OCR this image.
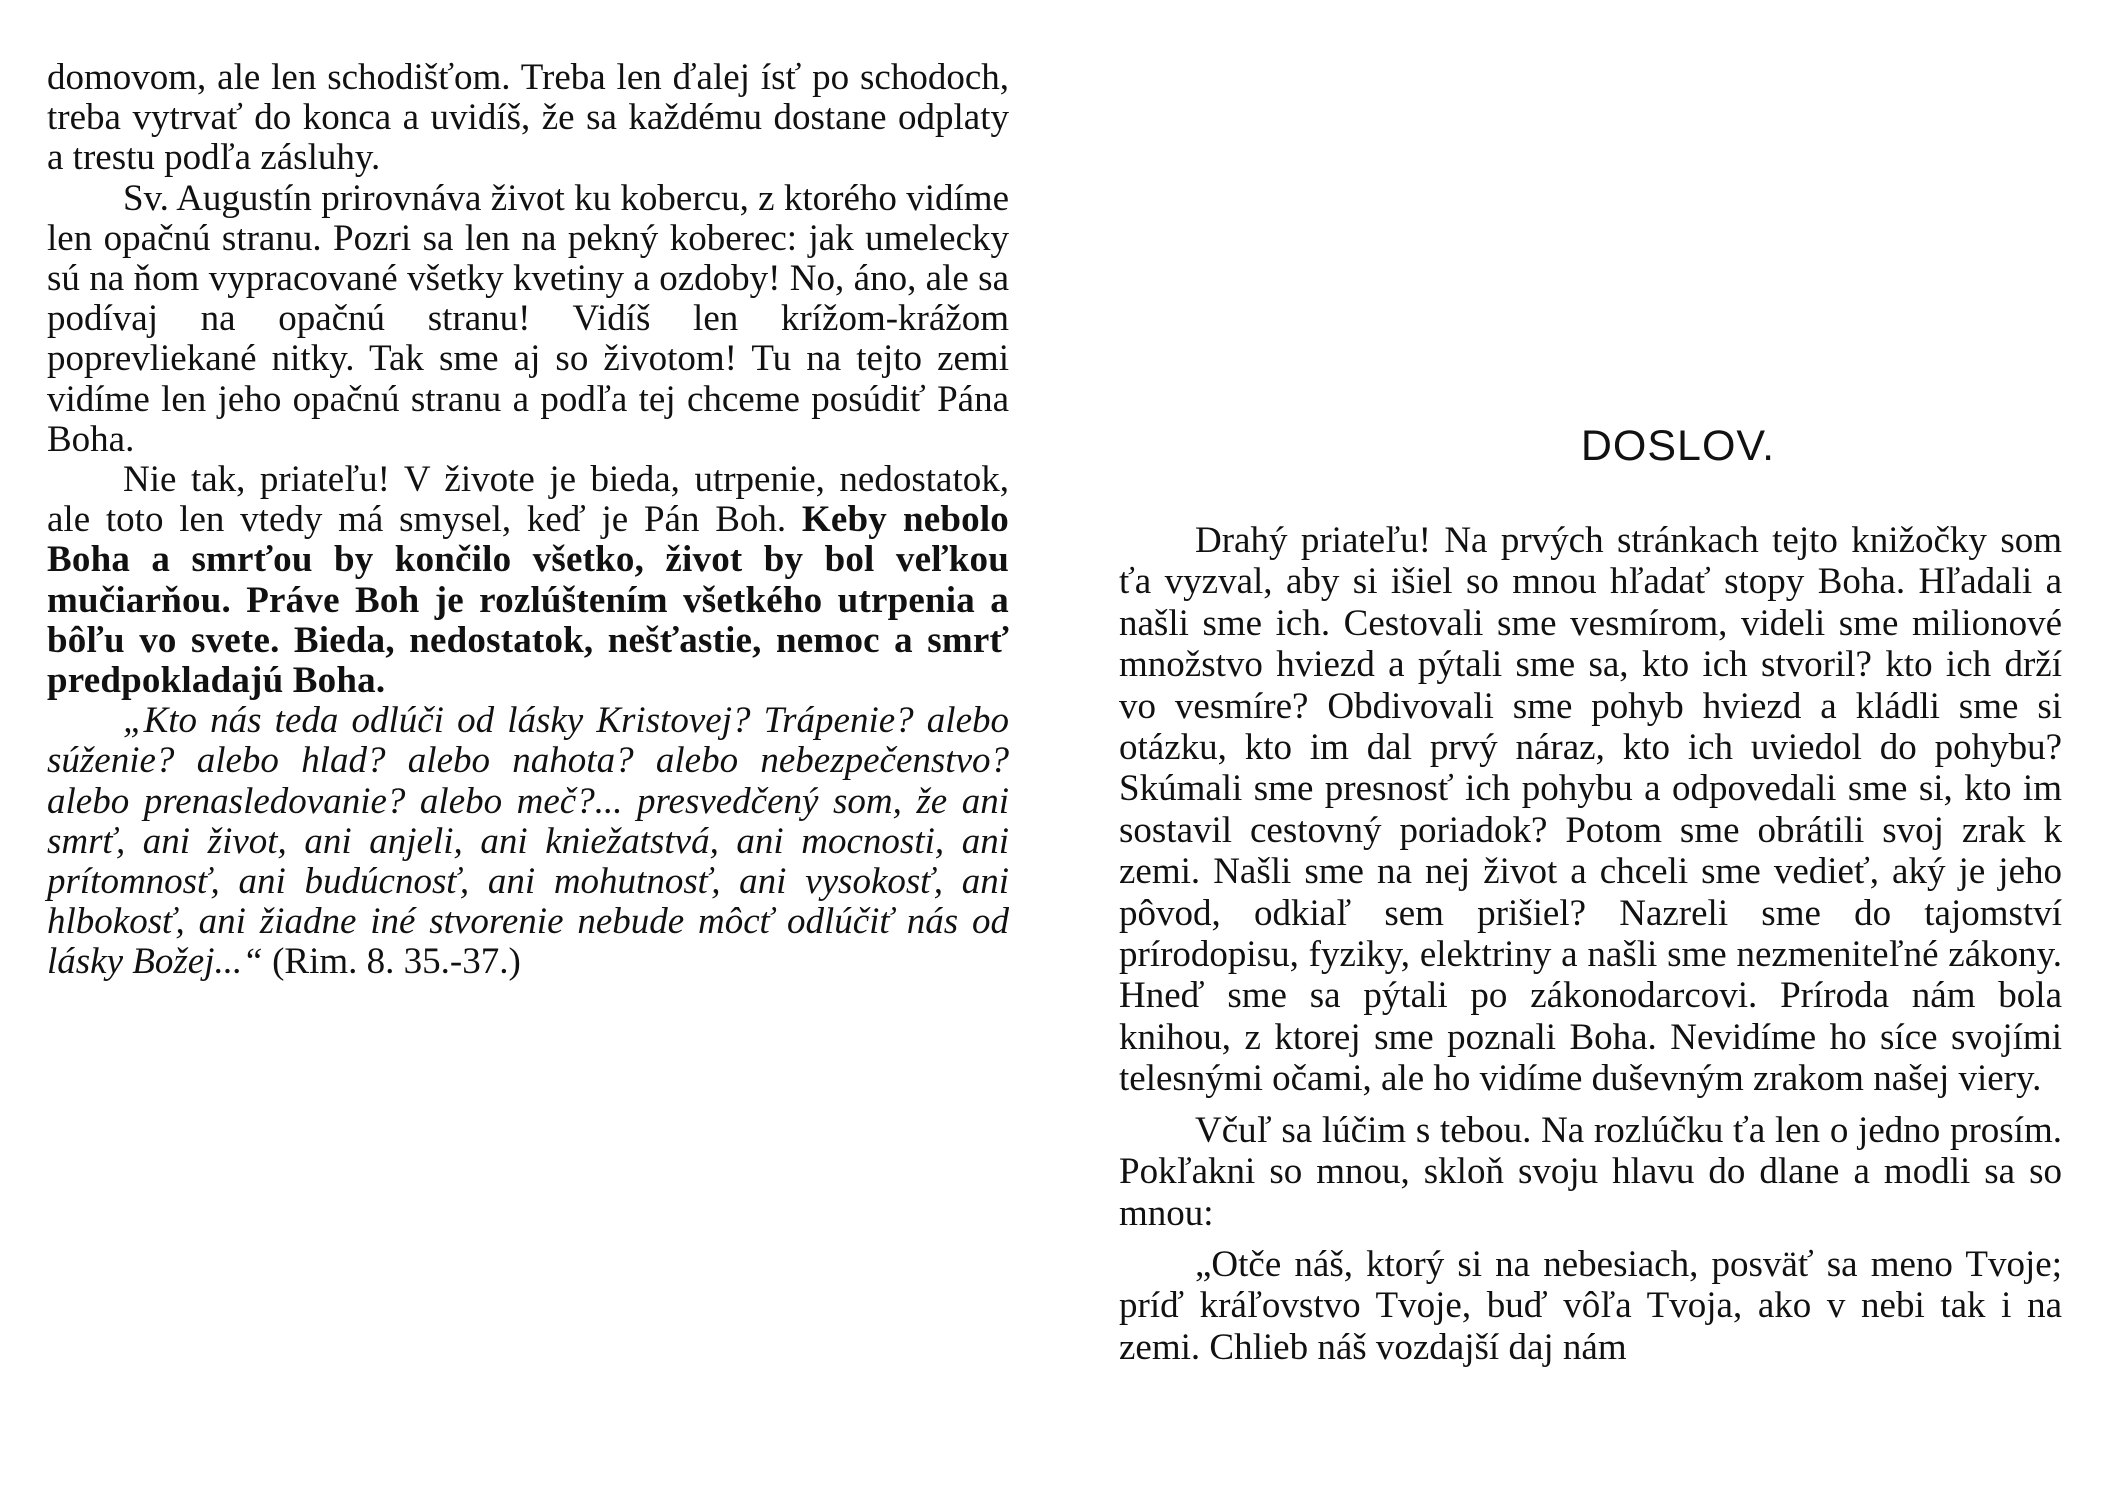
domovom, ale len schodišťom. Treba len ďalej ísť po schodoch, treba vytrvať do konca a uvidíš, že sa každému dostane odplaty a trestu podľa zásluhy.

Sv. Augustín prirovnáva život ku kobercu, z ktorého vidíme len opačnú stranu. Pozri sa len na pekný koberec: jak umelecky sú na ňom vypracované všetky kvetiny a ozdoby! No, áno, ale sa podívaj na opačnú stranu! Vidíš len krížom-krážom poprevliekané nitky. Tak sme aj so životom! Tu na tejto zemi vidíme len jeho opačnú stranu a podľa tej chceme posúdiť Pána Boha.

Nie tak, priateľu! V živote je bieda, utrpenie, nedostatok, ale toto len vtedy má smysel, keď je Pán Boh. Keby nebolo Boha a smrťou by končilo všetko, život by bol veľkou mučiarňou. Práve Boh je rozlúštením všetkého utrpenia a bôľu vo svete. Bieda, nedostatok, nešťastie, nemoc a smrť predpokladajú Boha.

„Kto nás teda odlúči od lásky Kristovej? Trápenie? alebo súženie? alebo hlad? alebo nahota? alebo nebezpečenstvo? alebo prenasledovanie? alebo meč?... presvedčený som, že ani smrť, ani život, ani anjeli, ani kniežatstvá, ani mocnosti, ani prítomnosť, ani budúcnosť, ani mohutnosť, ani vysokosť, ani hlbokosť, ani žiadne iné stvorenie nebude môcť odlúčiť nás od lásky Božej...“ (Rim. 8. 35.-37.)

DOSLOV.

Drahý priateľu! Na prvých stránkach tejto knižočky som ťa vyzval, aby si išiel so mnou hľadať stopy Boha. Hľadali a našli sme ich. Cestovali sme vesmírom, videli sme milionové množstvo hviezd a pýtali sme sa, kto ich stvoril? kto ich drží vo vesmíre? Obdivovali sme pohyb hviezd a kládli sme si otázku, kto im dal prvý náraz, kto ich uviedol do pohybu? Skúmali sme presnosť ich pohybu a odpovedali sme si, kto im sostavil cestovný poriadok? Potom sme obrátili svoj zrak k zemi. Našli sme na nej život a chceli sme vedieť, aký je jeho pôvod, odkiaľ sem prišiel? Nazreli sme do tajomství prírodopisu, fyziky, elektriny a našli sme nezmeniteľné zákony. Hneď sme sa pýtali po zákonodarcovi. Príroda nám bola knihou, z ktorej sme poznali Boha. Nevidíme ho síce svojími telesnými očami, ale ho vidíme duševným zrakom našej viery.

Včuľ sa lúčim s tebou. Na rozlúčku ťa len o jedno prosím. Pokľakni so mnou, skloň svoju hlavu do dlane a modli sa so mnou:

„Otče náš, ktorý si na nebesiach, posväť sa meno Tvoje; príď kráľovstvo Tvoje, buď vôľa Tvoja, ako v nebi tak i na zemi. Chlieb náš vozdajší daj nám
